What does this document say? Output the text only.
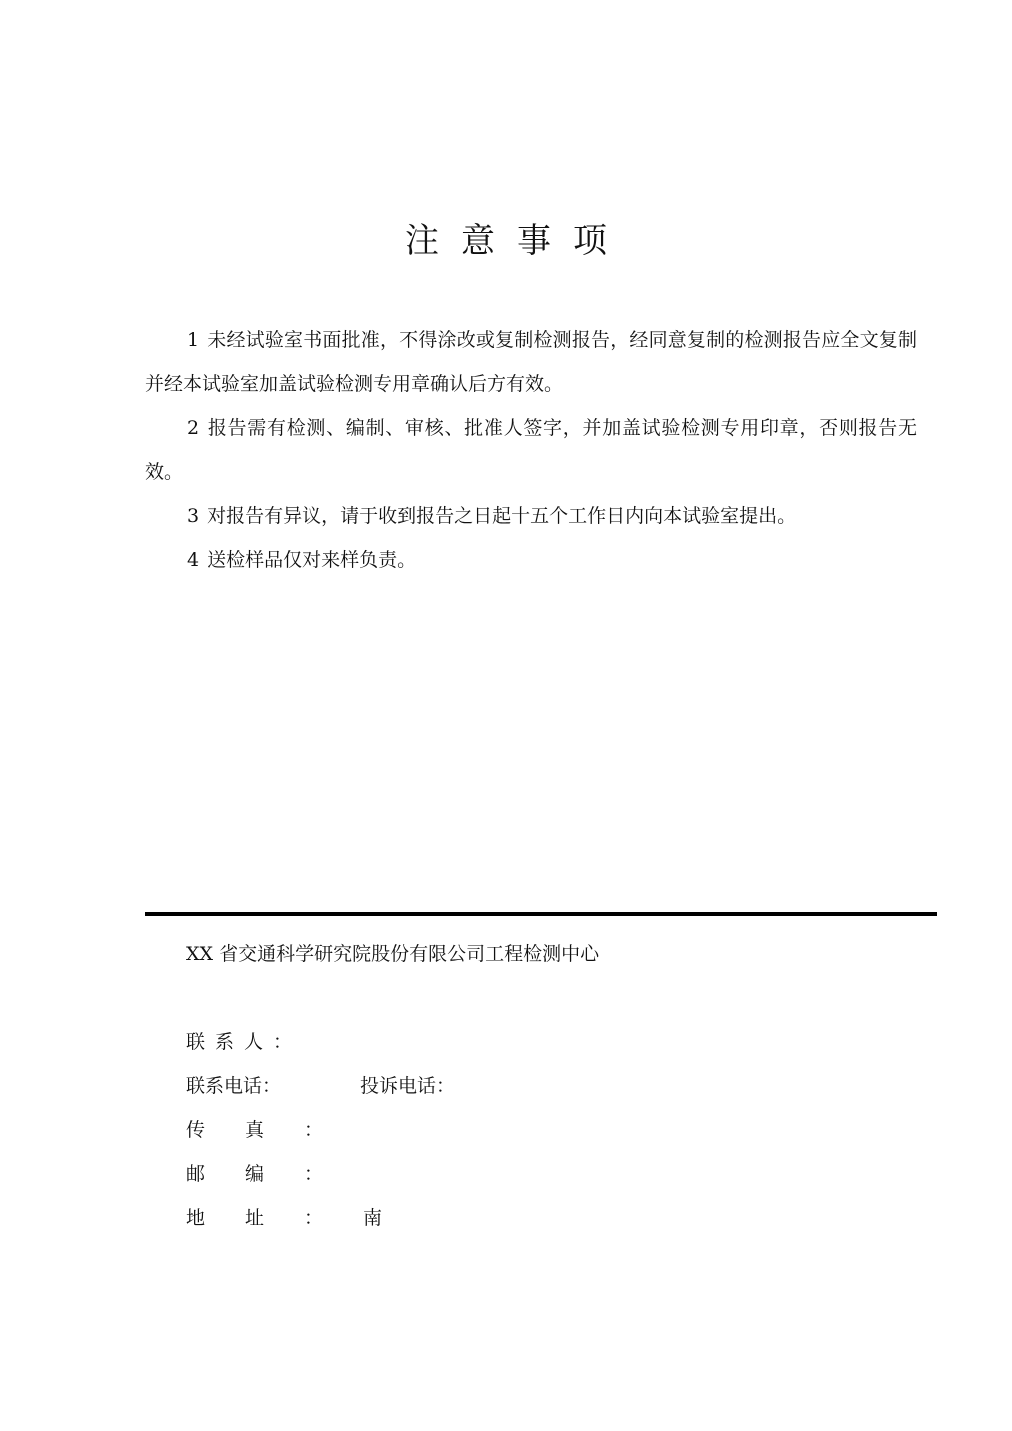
注意事项

1 未经试验室书面批准，不得涂改或复制检测报告，经同意复制的检测报告应全文复制并经本试验室加盖试验检测专用章确认后方有效。

2 报告需有检测、编制、审核、批准人签字，并加盖试验检测专用印章，否则报告无效。

3 对报告有异议，请于收到报告之日起十五个工作日内向本试验室提出。

4 送检样品仅对来样负责。

XX 省交通科学研究院股份有限公司工程检测中心
联系人：
联系电话：	投诉电话：
传真：
邮编：
地址：南
